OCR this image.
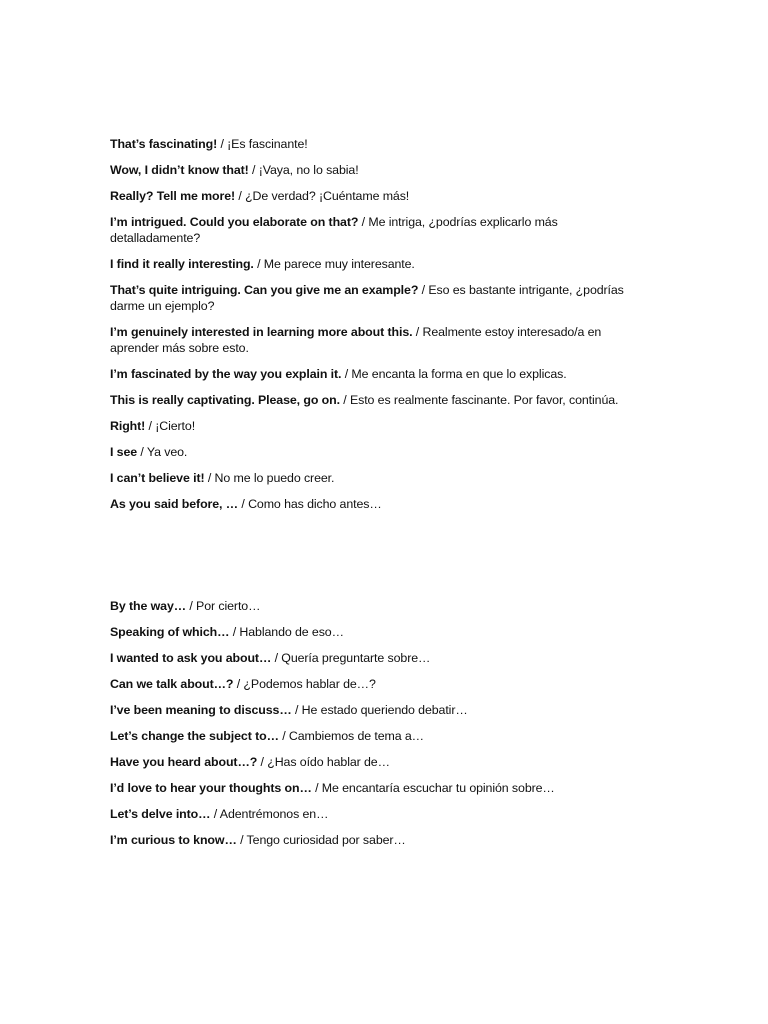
That’s fascinating! / ¡Es fascinante!

Wow, I didn’t know that! / ¡Vaya, no lo sabia!

Really? Tell me more! / ¿De verdad? ¡Cuéntame más!

I’m intrigued. Could you elaborate on that? / Me intriga, ¿podrías explicarlo más detalladamente?

I find it really interesting. / Me parece muy interesante.

That’s quite intriguing. Can you give me an example? / Eso es bastante intrigante, ¿podrías darme un ejemplo?

I’m genuinely interested in learning more about this. / Realmente estoy interesado/a en aprender más sobre esto.

I’m fascinated by the way you explain it. / Me encanta la forma en que lo explicas.

This is really captivating. Please, go on. / Esto es realmente fascinante. Por favor, continúa.

Right! / ¡Cierto!

I see / Ya veo.

I can’t believe it! / No me lo puedo creer.

As you said before, … / Como has dicho antes…

By the way… / Por cierto…

Speaking of which… / Hablando de eso…

I wanted to ask you about… / Quería preguntarte sobre…

Can we talk about…? / ¿Podemos hablar de…?

I’ve been meaning to discuss… / He estado queriendo debatir…

Let’s change the subject to… / Cambiemos de tema a…

Have you heard about…? / ¿Has oído hablar de…

I’d love to hear your thoughts on… / Me encantaría escuchar tu opinión sobre…

Let’s delve into… / Adentrémonos en…

I’m curious to know… / Tengo curiosidad por saber…
